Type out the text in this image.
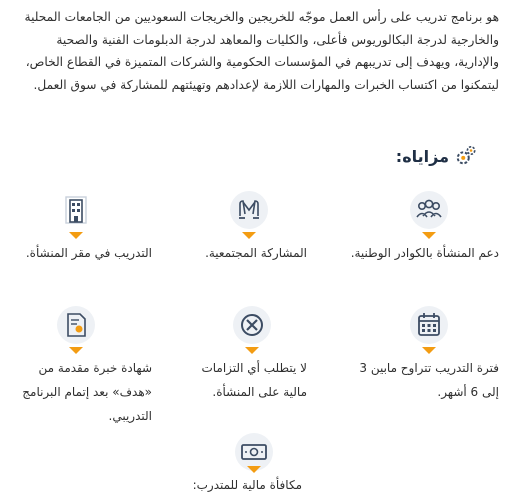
هو برنامج تدريب على رأس العمل موجّه للخريجين والخريجات السعوديين من الجامعات المحلية والخارجية لدرجة البكالوريوس فأعلى، والكليات والمعاهد لدرجة الدبلومات الفنية والصحية والإدارية، ويهدف إلى تدريبهم في المؤسسات الحكومية والشركات المتميزة في القطاع الخاص، ليتمكنوا من اكتساب الخبرات والمهارات اللازمة لإعدادهم وتهيئتهم للمشاركة في سوق العمل.

مزاياه:
دعم المنشأة بالكوادر الوطنية.
المشاركة المجتمعية.
التدريب في مقر المنشأة.
فترة التدريب تتراوح مابين 3 إلى 6 أشهر.
لا يتطلب أي التزامات مالية على المنشأة.
شهادة خبرة مقدمة من «هدف» بعد إتمام البرنامج التدريبي.
مكافأة مالية للمتدرب:
